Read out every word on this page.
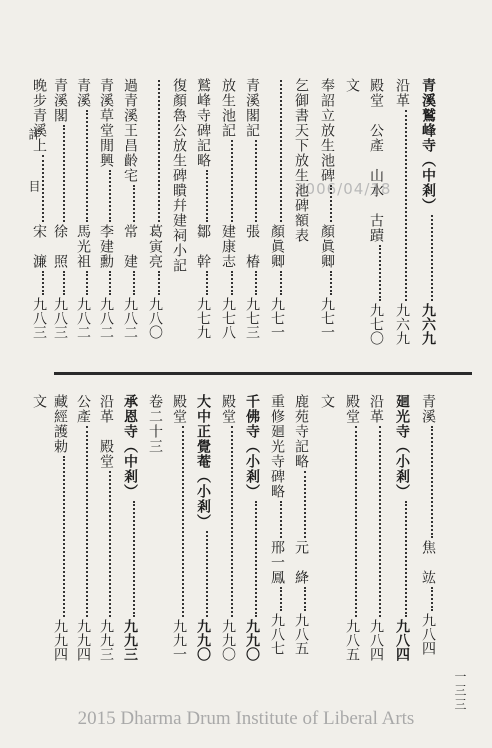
詳　目	2006/04/18 青溪鷲峰寺（中剎）九六九
沿革九六九
殿堂　公產　山水　古蹟九七〇
文
奉詔立放生池碑顏眞卿九七一
乞御書天下放生池碑額表
顏眞卿九七一
青溪閣記張　椿九七三
放生池記建康志九七八
鷲峰寺碑記略鄒　幹九七九
復顏魯公放生碑瞶幷建祠小記
葛寅亮九八〇
過青溪王昌齡宅常　建九八二
青溪草堂閒興李建勳九八二
青溪馬光祖九八二
青溪閣徐　照九八三
晚步青溪上宋　濂九八三
青溪焦　竑九八四
廻光寺（小剎）九八四
沿革九八四
殿堂九八五
文
鹿苑寺記略元　絳九八五
重修廻光寺碑略邢一鳳九八七
千佛寺（小剎）九九〇
殿堂九九〇
大中正覺菴（小剎）九九〇
殿堂九九一
卷二十三
承恩寺（中剎）九九三
沿革　殿堂九九三
公產九九四
藏經護勅九九四
文
一三三
2015 Dharma Drum Institute of Liberal Arts
